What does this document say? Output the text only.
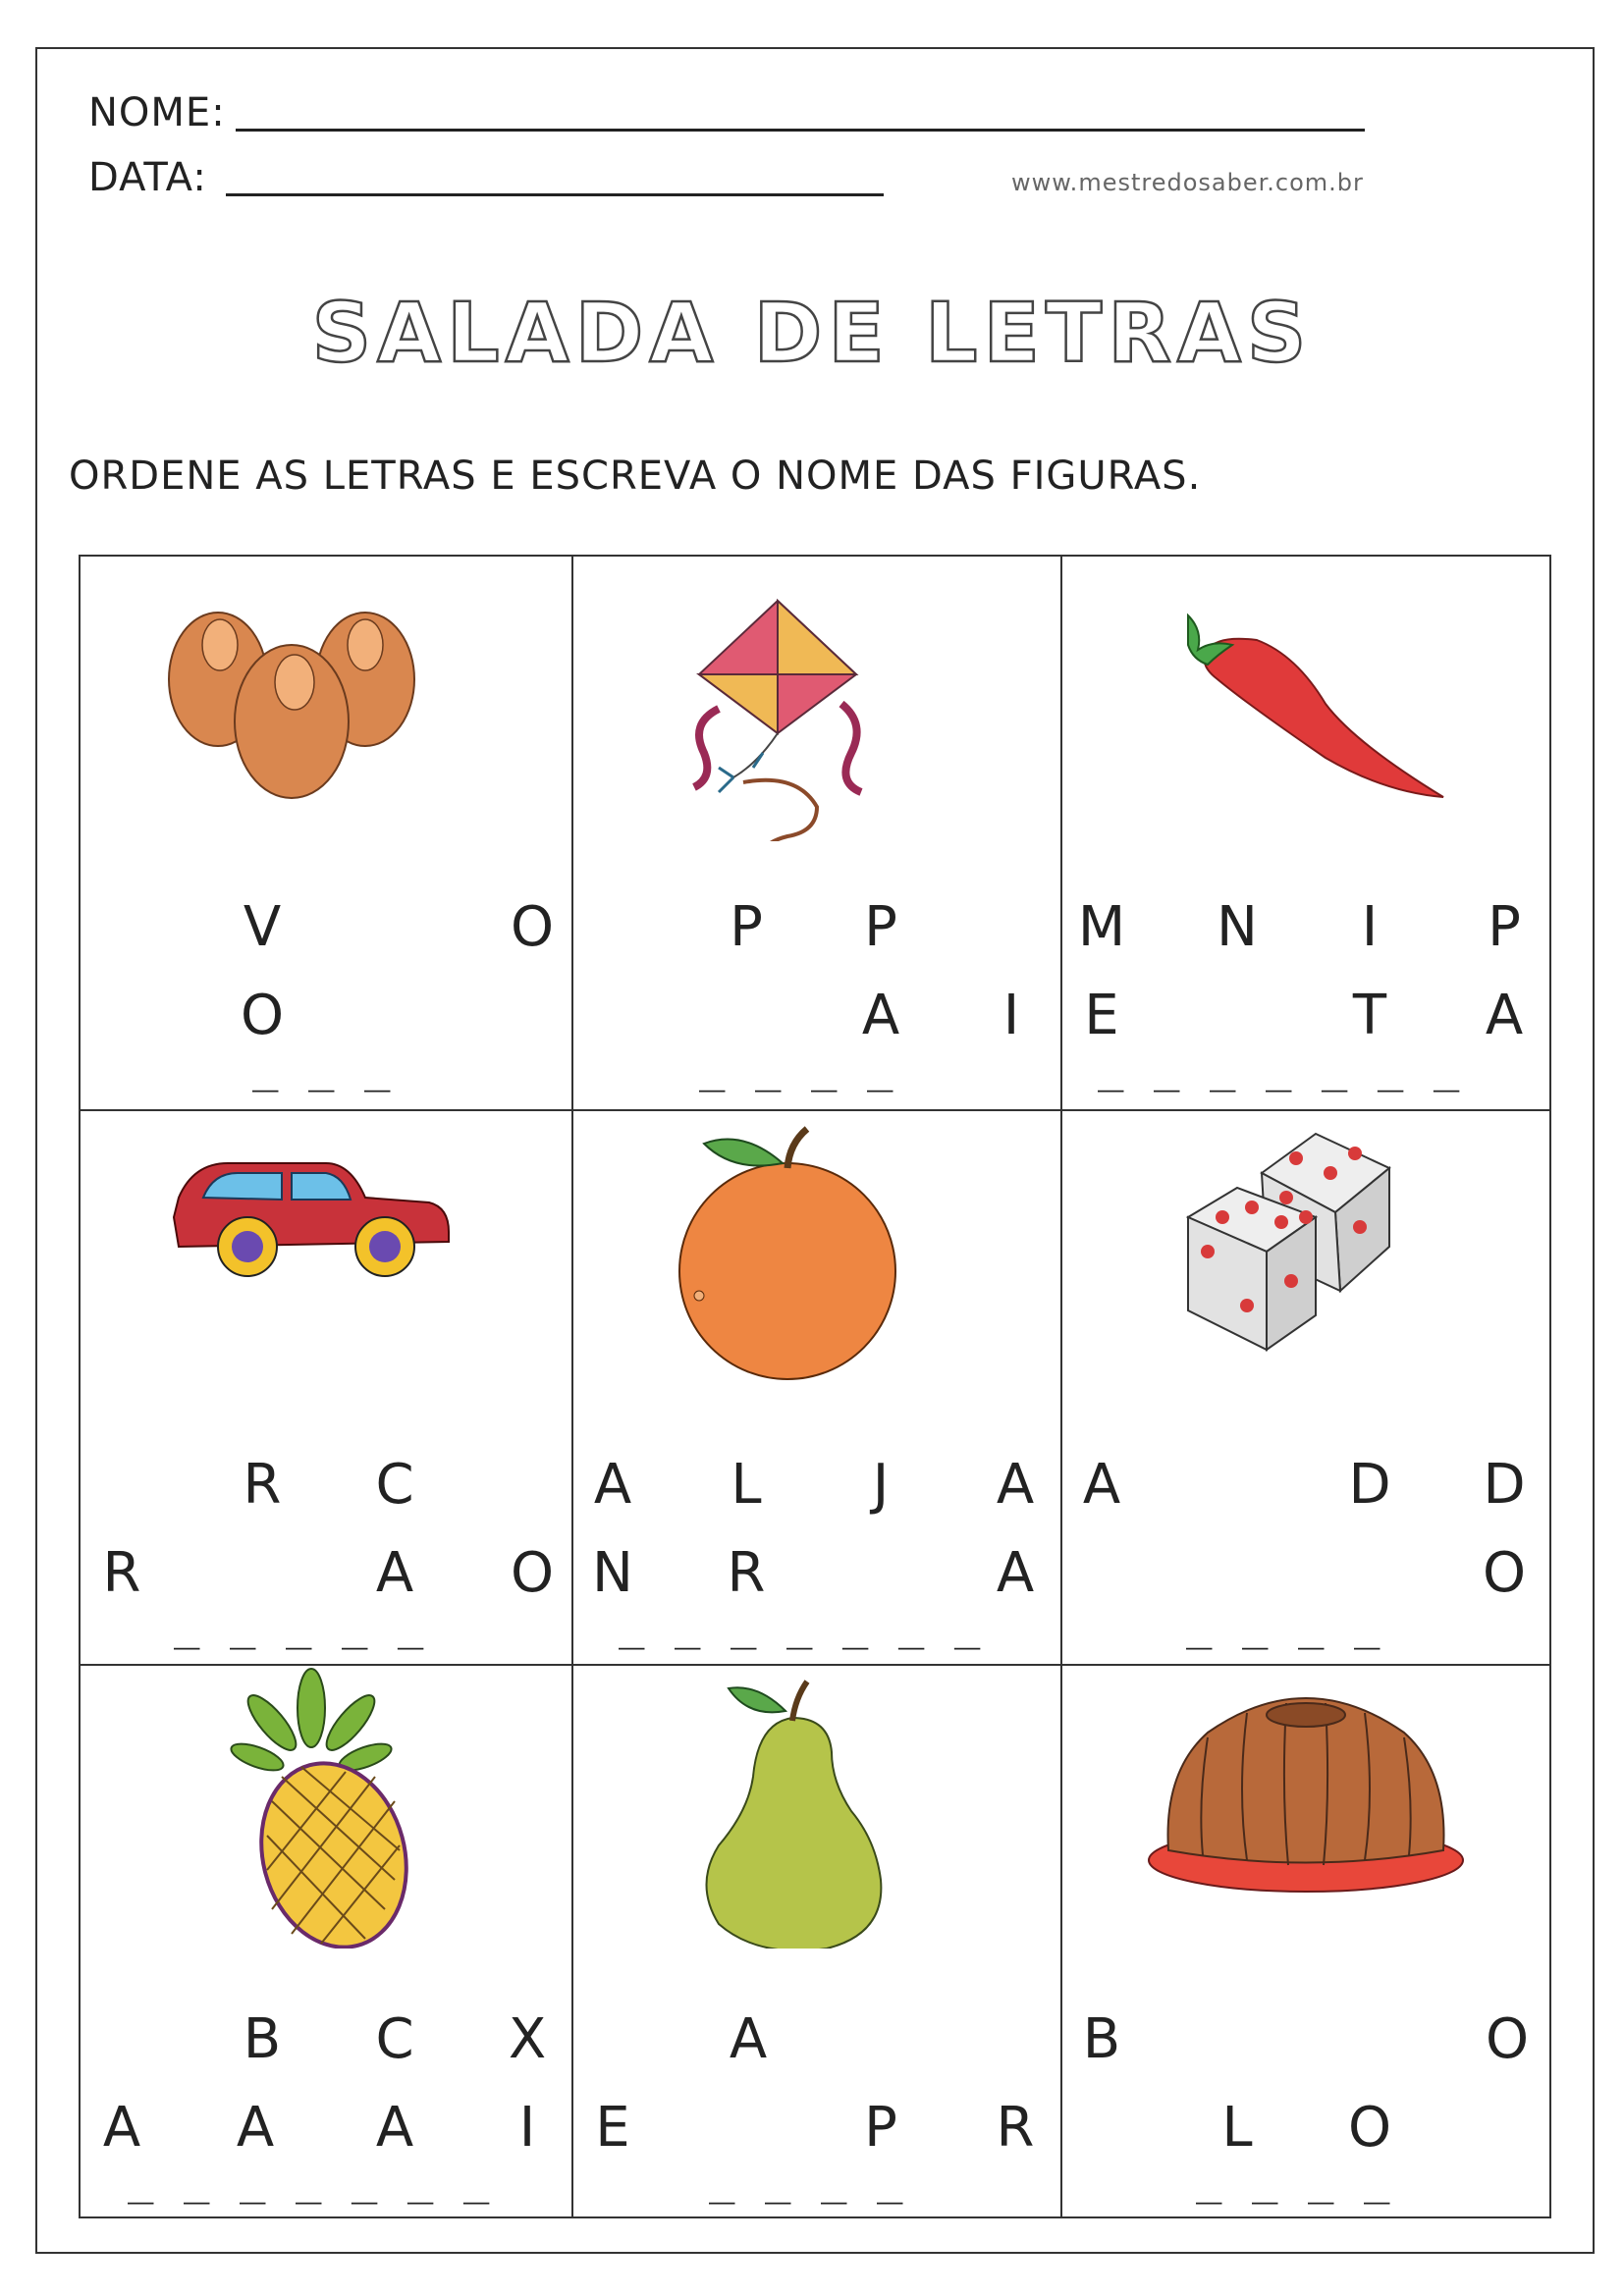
NOME:
DATA:	www.mestredosaber.com.br
SALADA DE LETRAS
ORDENE AS LETRAS E ESCREVA O NOME DAS FIGURAS.
V	O
O
_ _ _
P P
A	I
_ _ _ _
M N	I	P
E	T A
_ _ _ _ _ _ _
R C
R	A O
_ _ _ _ _
A L	J	A
N R	A
_ _ _ _ _ _ _
A	D D
O
_ _ _ _
B C X
A A A	I
_ _ _ _ _ _ _
A
E	P R
_ _ _ _
B	O
L O
_ _ _ _
